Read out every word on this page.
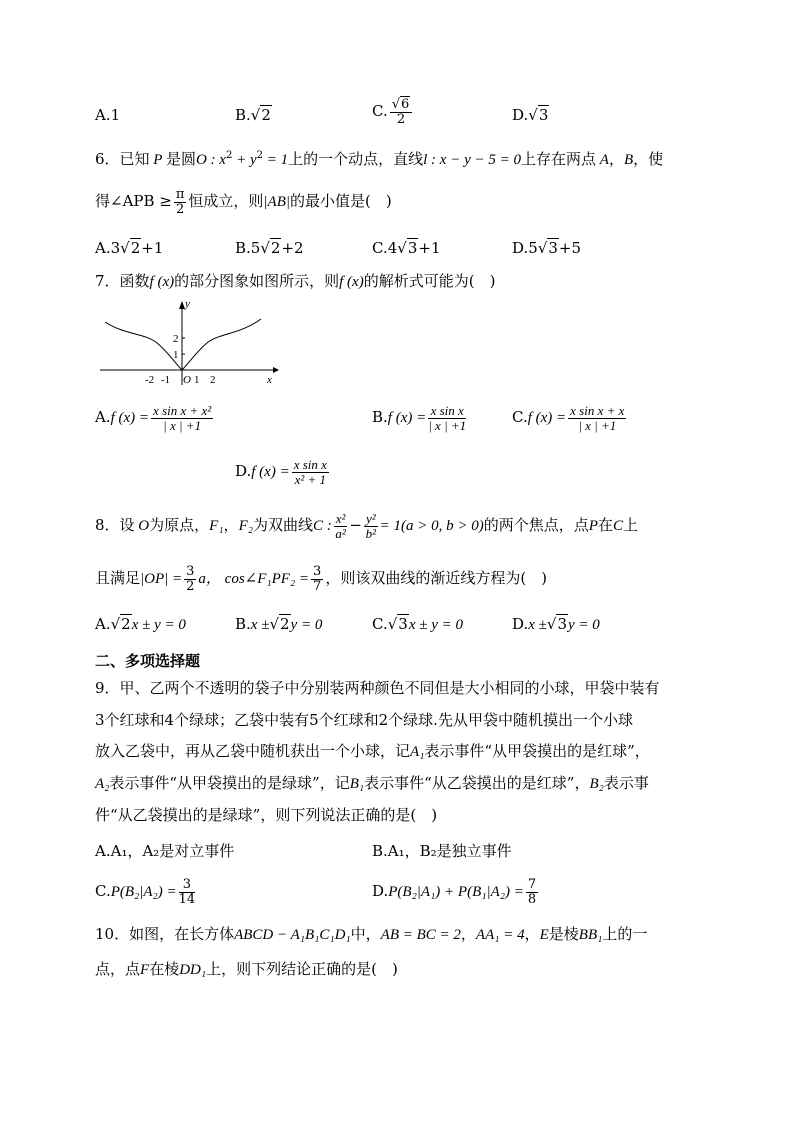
A.1	B.√2	C. $\frac{√6}{2}$	D.√3
6．已知 P 是圆O : $x^2 + y^2 = 1$上的一个动点，直线l : x − y − 5 = 0上存在两点 A，B，使
得∠APB ≥ $\frac{\pi}{2}$ 恒成立，则|AB|的最小值是(　)
A.3√2+1	B.5√2+2	C.4√3+1	D.5√3+5
7．函数f (x)的部分图象如图所示，则f (x)的解析式可能为(　)
y
x
2
1
O
-2 -1 1 2
A.f $(x) = \frac{\text{x sin x + x²}}{| x | +1}$	B.f $(x) = \frac{\text{x sin x}}{| x | +1}$	C.f $(x) = \frac{\text{x sin x + x}}{| x | +1}$
D.f $(x) = \frac{\text{x sin x}}{\text{x² + 1}}$
8．设 O为原点，F₁，F₂为双曲线C : $\frac{\text{x²}}{\text{a²}} - \frac{\text{y²}}{\text{b²}} = 1(a > 0$, b > 0)的两个焦点，点P在C上
且满足$|OP| = \frac{3}{2}$ a， cos∠F₁PF₂ = $\frac{3}{7}$ ，则该双曲线的渐近线方程为(　)
A.√2x ± y = 0	B.x ±√2y = 0	C.√3x ± y = 0	D.x ±√3y = 0
二、多项选择题
9．甲、乙两个不透明的袋子中分别装两种颜色不同但是大小相同的小球，甲袋中装有
3个红球和4个绿球；乙袋中装有5个红球和2个绿球.先从甲袋中随机摸出一个小球
放入乙袋中，再从乙袋中随机获出一个小球，记A₁表示事件“从甲袋摸出的是红球”，
A₂表示事件“从甲袋摸出的是绿球”，记B₁表示事件“从乙袋摸出的是红球”，B₂表示事
件“从乙袋摸出的是绿球”，则下列说法正确的是(　)
A.A₁，A₂是对立事件	B.A₁，B₂是独立事件
$C.P(B_2|A_2) = \frac{3}{14}$	$D.P(B_2|A_1) + P(B_1|A_2) = \frac{7}{8}$
10．如图，在长方体ABCD − A₁B₁C₁D₁中，AB = BC = 2，AA₁ = 4，E是棱BB₁上的一
点，点F在棱DD₁上，则下列结论正确的是(　)
